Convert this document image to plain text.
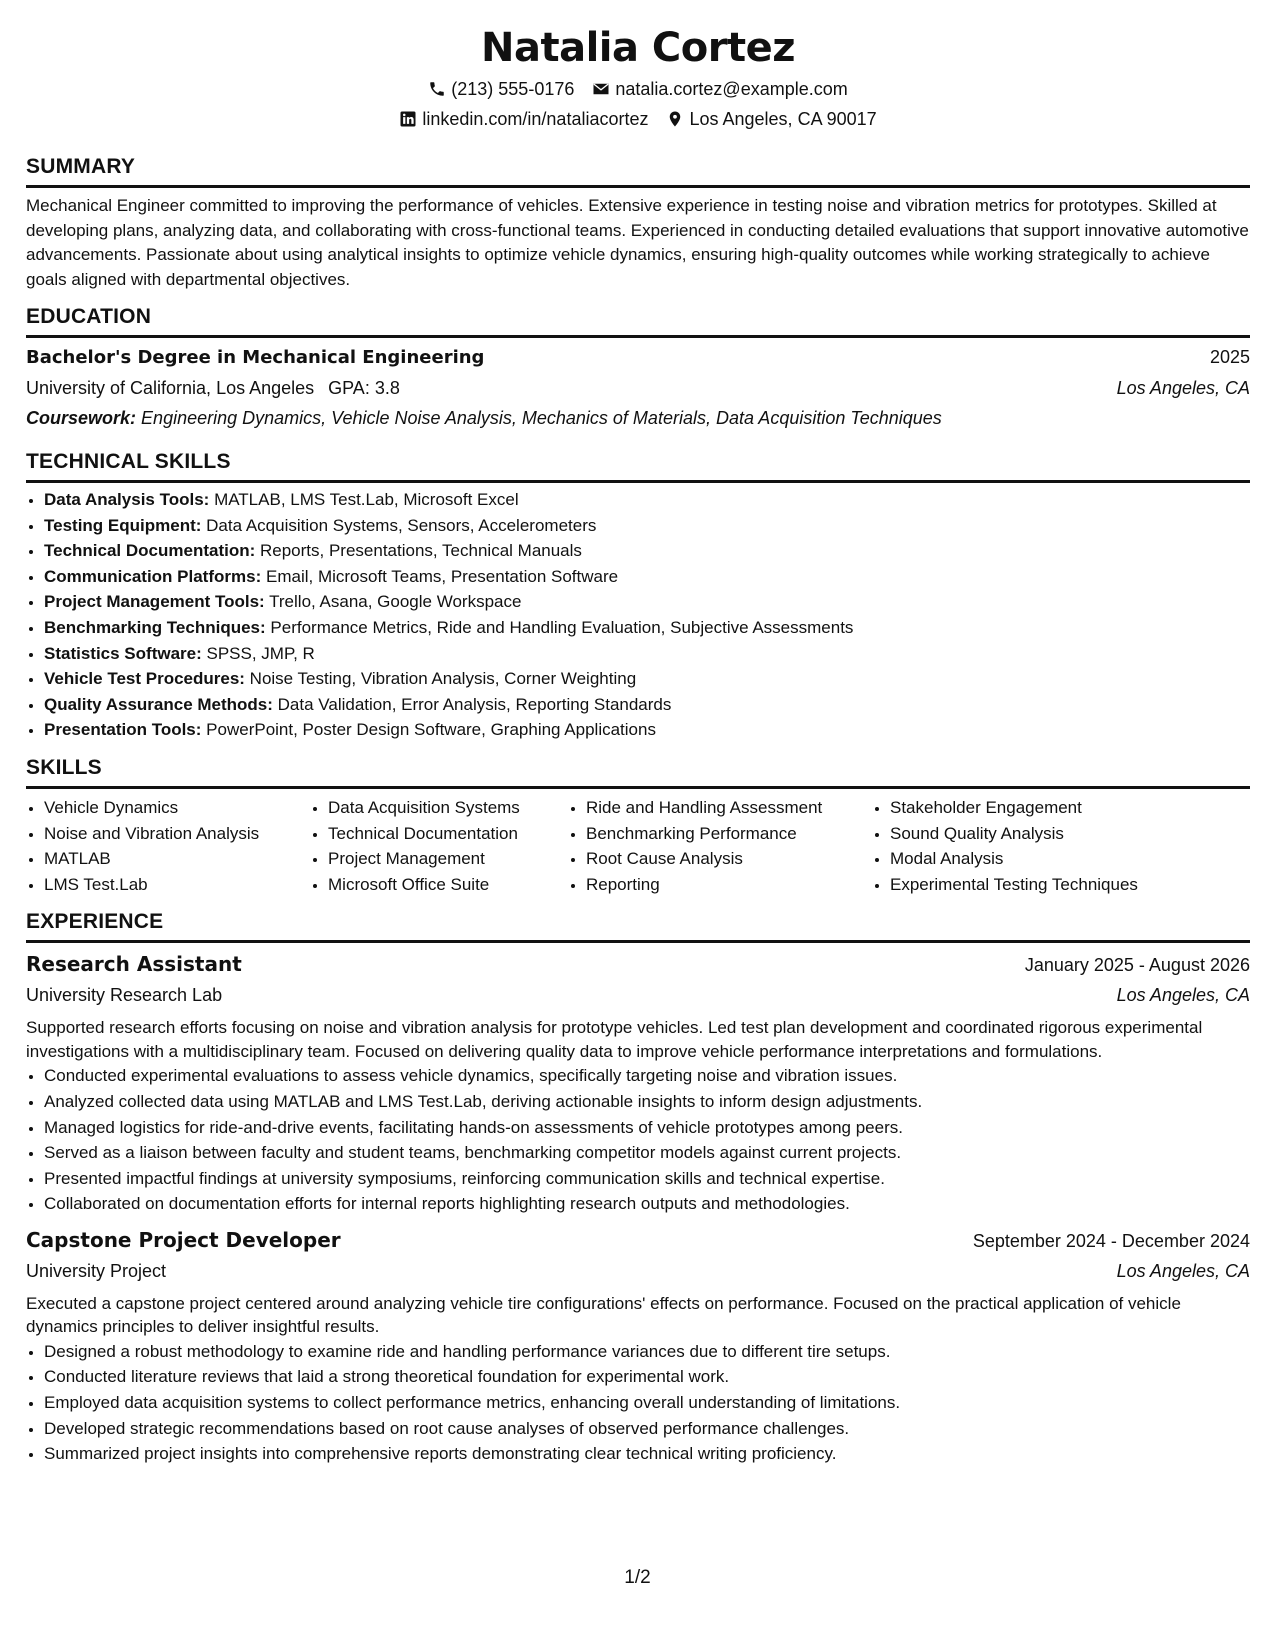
Natalia Cortez
(213) 555-0176 natalia.cortez@example.com
linkedin.com/in/nataliacortez Los Angeles, CA 90017
SUMMARY

Mechanical Engineer committed to improving the performance of vehicles. Extensive experience in testing noise and vibration metrics for prototypes. Skilled at developing plans, analyzing data, and collaborating with cross-functional teams. Experienced in conducting detailed evaluations that support innovative automotive advancements. Passionate about using analytical insights to optimize vehicle dynamics, ensuring high-quality outcomes while working strategically to achieve goals aligned with departmental objectives.

EDUCATION
Bachelor's Degree in Mechanical Engineering	2025
University of California, Los Angeles GPA: 3.8	Los Angeles, CA
Coursework: Engineering Dynamics, Vehicle Noise Analysis, Mechanics of Materials, Data Acquisition Techniques
TECHNICAL SKILLS
• Data Analysis Tools: MATLAB, LMS Test.Lab, Microsoft Excel
• Testing Equipment: Data Acquisition Systems, Sensors, Accelerometers
• Technical Documentation: Reports, Presentations, Technical Manuals
• Communication Platforms: Email, Microsoft Teams, Presentation Software
• Project Management Tools: Trello, Asana, Google Workspace
• Benchmarking Techniques: Performance Metrics, Ride and Handling Evaluation, Subjective Assessments
• Statistics Software: SPSS, JMP, R
• Vehicle Test Procedures: Noise Testing, Vibration Analysis, Corner Weighting
• Quality Assurance Methods: Data Validation, Error Analysis, Reporting Standards
• Presentation Tools: PowerPoint, Poster Design Software, Graphing Applications
SKILLS
• Vehicle Dynamics
• Noise and Vibration Analysis
• MATLAB
• LMS Test.Lab
• Data Acquisition Systems
• Technical Documentation
• Project Management
• Microsoft Office Suite
• Ride and Handling Assessment
• Benchmarking Performance
• Root Cause Analysis
• Reporting
• Stakeholder Engagement
• Sound Quality Analysis
• Modal Analysis
• Experimental Testing Techniques
EXPERIENCE
Research Assistant	January 2025 - August 2026
University Research Lab	Los Angeles, CA

Supported research efforts focusing on noise and vibration analysis for prototype vehicles. Led test plan development and coordinated rigorous experimental investigations with a multidisciplinary team. Focused on delivering quality data to improve vehicle performance interpretations and formulations.

• Conducted experimental evaluations to assess vehicle dynamics, specifically targeting noise and vibration issues.
• Analyzed collected data using MATLAB and LMS Test.Lab, deriving actionable insights to inform design adjustments.
• Managed logistics for ride-and-drive events, facilitating hands-on assessments of vehicle prototypes among peers.
• Served as a liaison between faculty and student teams, benchmarking competitor models against current projects.
• Presented impactful findings at university symposiums, reinforcing communication skills and technical expertise.
• Collaborated on documentation efforts for internal reports highlighting research outputs and methodologies.
Capstone Project Developer	September 2024 - December 2024
University Project	Los Angeles, CA

Executed a capstone project centered around analyzing vehicle tire configurations' effects on performance. Focused on the practical application of vehicle dynamics principles to deliver insightful results.

• Designed a robust methodology to examine ride and handling performance variances due to different tire setups.
• Conducted literature reviews that laid a strong theoretical foundation for experimental work.
• Employed data acquisition systems to collect performance metrics, enhancing overall understanding of limitations.
• Developed strategic recommendations based on root cause analyses of observed performance challenges.
• Summarized project insights into comprehensive reports demonstrating clear technical writing proficiency.
1/2
